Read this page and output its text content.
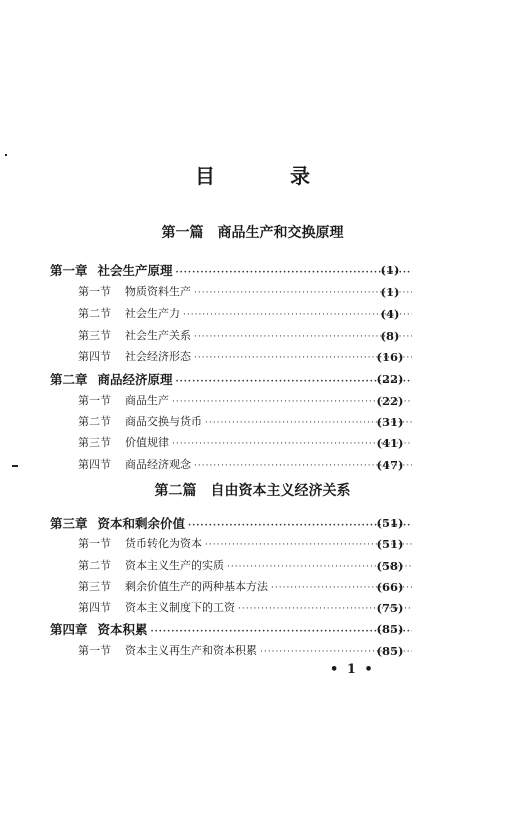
目 录
第一篇　商品生产和交换原理
第一章 社会生产原理 ·····	(1)
第一节 物质资料生产 ·····	(1)
第二节 社会生产力 ·····	(4)
第三节 社会生产关系 ·····	(8)
第四节 社会经济形态 ·····	(16)
第二章 商品经济原理 ·····	(22)
第一节 商品生产 ·····	(22)
第二节 商品交换与货币 ·····	(31)
第三节 价值规律 ·····	(41)
第四节 商品经济观念 ·····	(47)
第二篇　自由资本主义经济关系
第三章 资本和剩余价值 ·····	(51)
第一节 货币转化为资本 ·····	(51)
第二节 资本主义生产的实质 ·····	(58)
第三节 剩余价值生产的两种基本方法 ·····	(66)
第四节 资本主义制度下的工资 ·····	(75)
第四章 资本积累 ·····	(85)
第一节 资本主义再生产和资本积累 ·····	(85)
• 1 •
